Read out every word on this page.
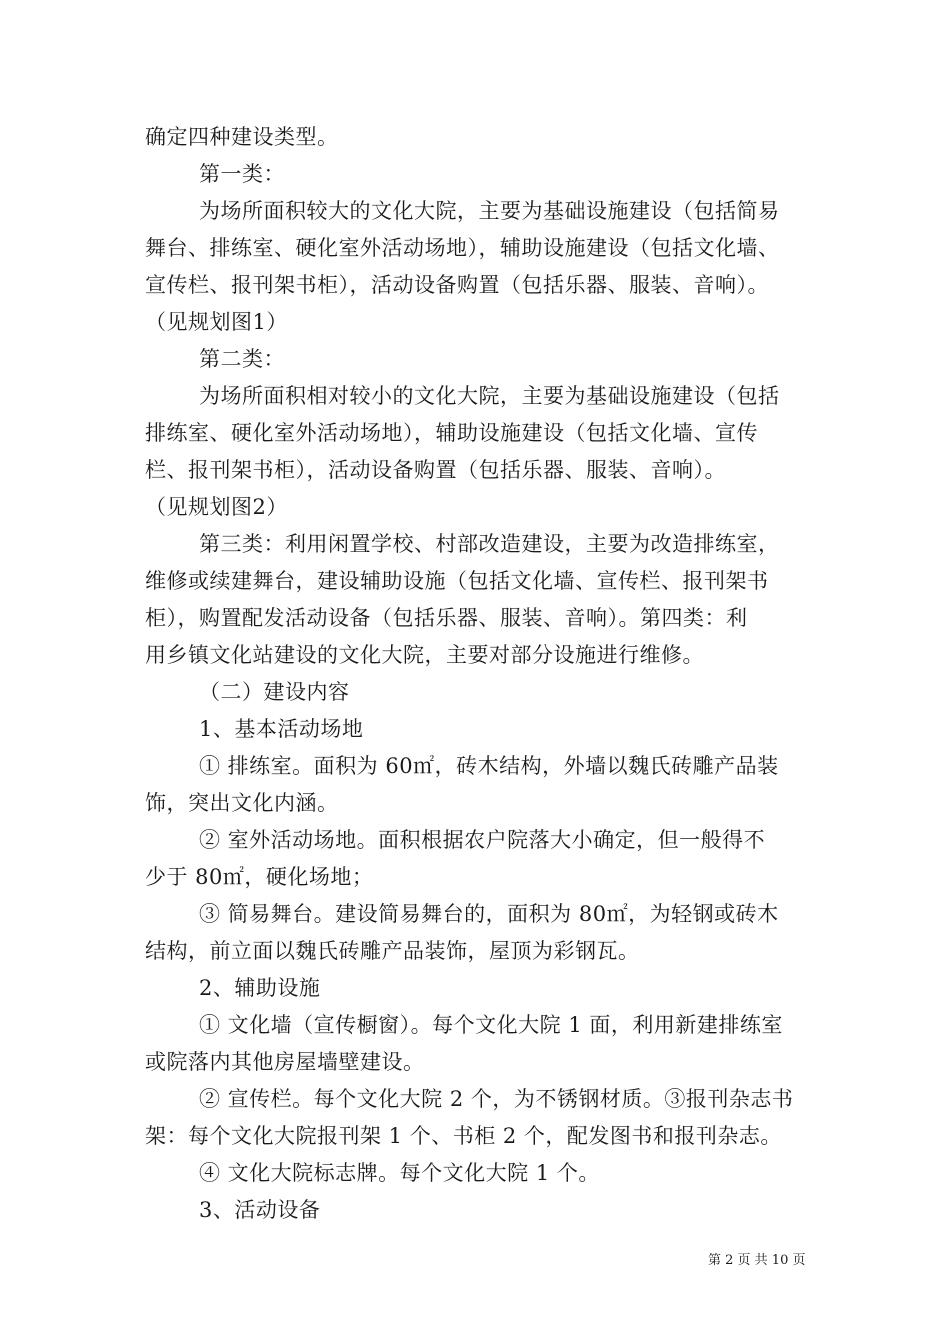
确定四种建设类型。
第一类：
为场所面积较大的文化大院，主要为基础设施建设（包括简易
舞台、排练室、硬化室外活动场地），辅助设施建设（包括文化墙、
宣传栏、报刊架书柜），活动设备购置（包括乐器、服装、音响）。
（见规划图1）
第二类：
为场所面积相对较小的文化大院，主要为基础设施建设（包括
排练室、硬化室外活动场地），辅助设施建设（包括文化墙、宣传
栏、报刊架书柜），活动设备购置（包括乐器、服装、音响）。
（见规划图2）
第三类：利用闲置学校、村部改造建设，主要为改造排练室，
维修或续建舞台，建设辅助设施（包括文化墙、宣传栏、报刊架书
柜），购置配发活动设备（包括乐器、服装、音响）。第四类：利
用乡镇文化站建设的文化大院，主要对部分设施进行维修。
（二）建设内容
1、基本活动场地
① 排练室。面积为 60㎡，砖木结构，外墙以魏氏砖雕产品装
饰，突出文化内涵。
② 室外活动场地。面积根据农户院落大小确定，但一般得不
少于 80㎡，硬化场地；
③ 简易舞台。建设简易舞台的，面积为 80㎡，为轻钢或砖木
结构，前立面以魏氏砖雕产品装饰，屋顶为彩钢瓦。
2、辅助设施
① 文化墙（宣传橱窗）。每个文化大院 1 面，利用新建排练室
或院落内其他房屋墙壁建设。
② 宣传栏。每个文化大院 2 个，为不锈钢材质。③报刊杂志书
架：每个文化大院报刊架 1 个、书柜 2 个，配发图书和报刊杂志。
④ 文化大院标志牌。每个文化大院 1 个。
3、活动设备
第 2 页 共 10 页
